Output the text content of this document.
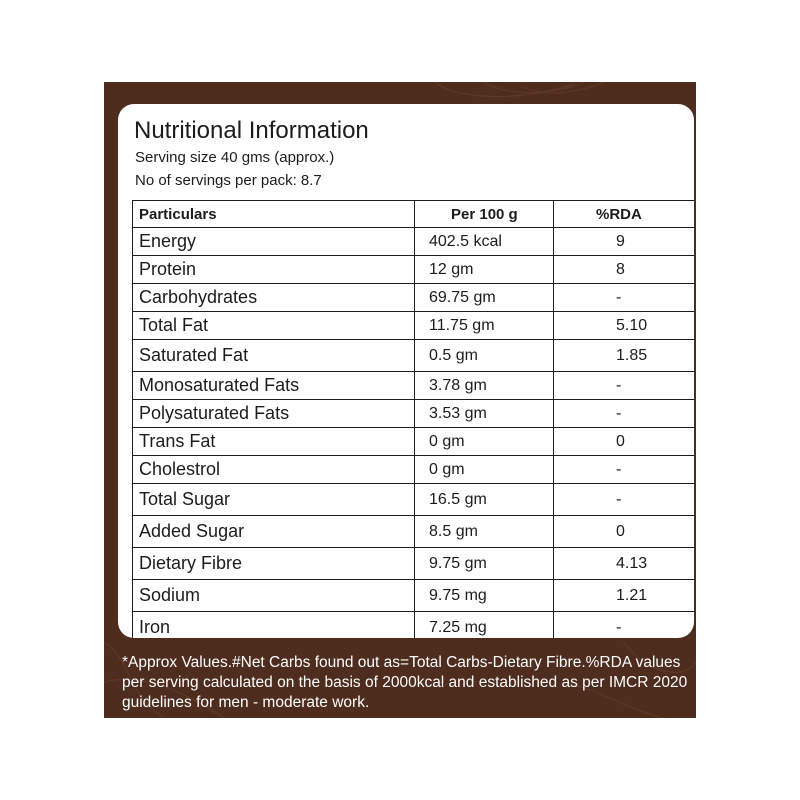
Nutritional Information
Serving size 40 gms (approx.)
No of servings per pack: 8.7
Particulars	Per 100 g	%RDA
Energy	402.5 kcal	9
Protein	12 gm	8
Carbohydrates	69.75 gm	-
Total Fat	11.75 gm	5.10
Saturated Fat	0.5 gm	1.85
Monosaturated Fats	3.78 gm	-
Polysaturated Fats	3.53 gm	-
Trans Fat	0 gm	0
Cholestrol	0 gm	-
Total Sugar	16.5 gm	-
Added Sugar	8.5 gm	0
Dietary Fibre	9.75 gm	4.13
Sodium	9.75 mg	1.21
Iron	7.25 mg	-
*Approx Values.#Net Carbs found out as=Total Carbs-Dietary Fibre.%RDA values per serving calculated on the basis of 2000kcal and established as per IMCR 2020 guidelines for men - moderate work.
